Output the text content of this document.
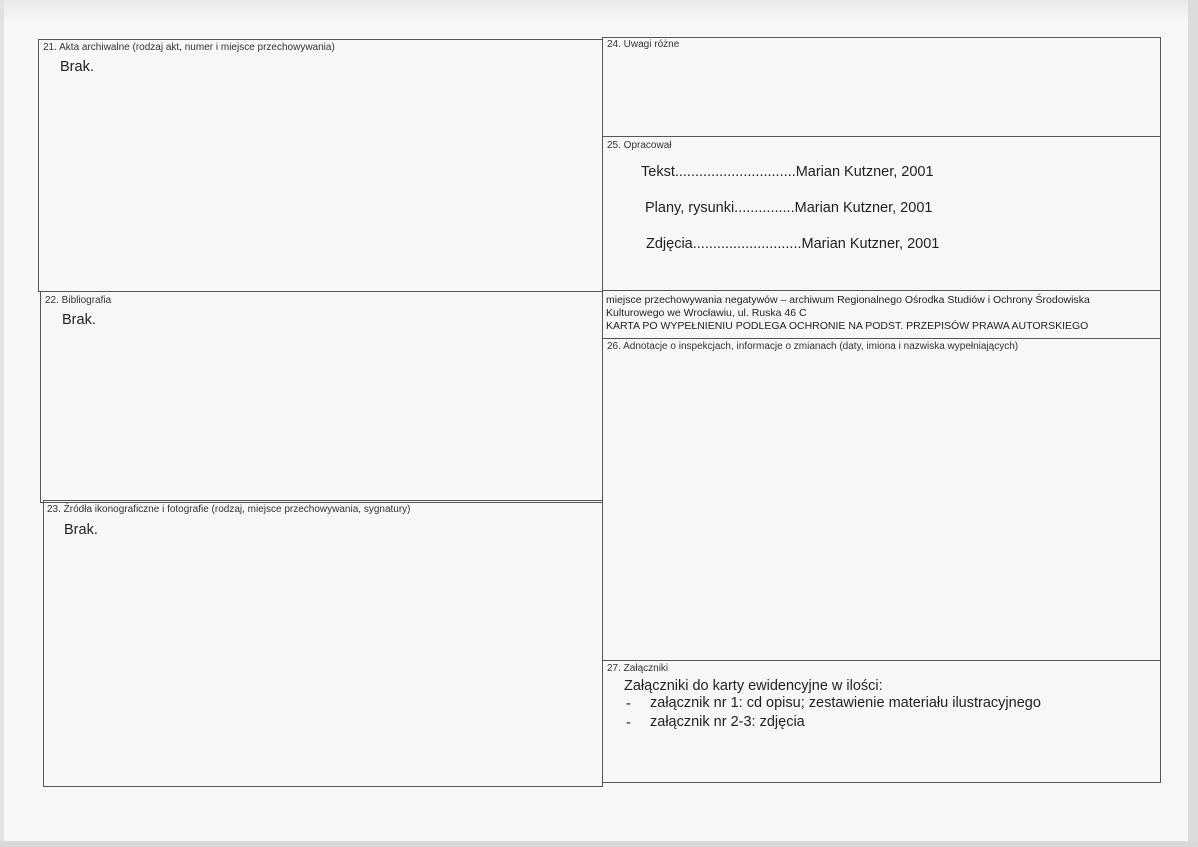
21. Akta archiwalne (rodzaj akt, numer i miejsce przechowywania)
Brak.
22. Bibliografia
Brak.
23. Źródła ikonograficzne i fotografie (rodzaj, miejsce przechowywania, sygnatury)
Brak.
24. Uwagi różne
25. Opracował
Tekst..............................Marian Kutzner, 2001
Plany, rysunki...............Marian Kutzner, 2001
Zdjęcia...........................Marian Kutzner, 2001
miejsce przechowywania negatywów – archiwum Regionalnego Ośrodka Studiów i Ochrony Środowiska
Kulturowego we Wrocławiu, ul. Ruska 46 C
KARTA PO WYPEŁNIENIU PODLEGA OCHRONIE NA PODST. PRZEPISÓW PRAWA AUTORSKIEGO
26. Adnotacje o inspekcjach, informacje o zmianach (daty, imiona i nazwiska wypełniających)
27. Załączniki
Załączniki do karty ewidencyjne w ilości:
- załącznik nr 1: cd opisu; zestawienie materiału ilustracyjnego
- załącznik nr 2-3: zdjęcia
